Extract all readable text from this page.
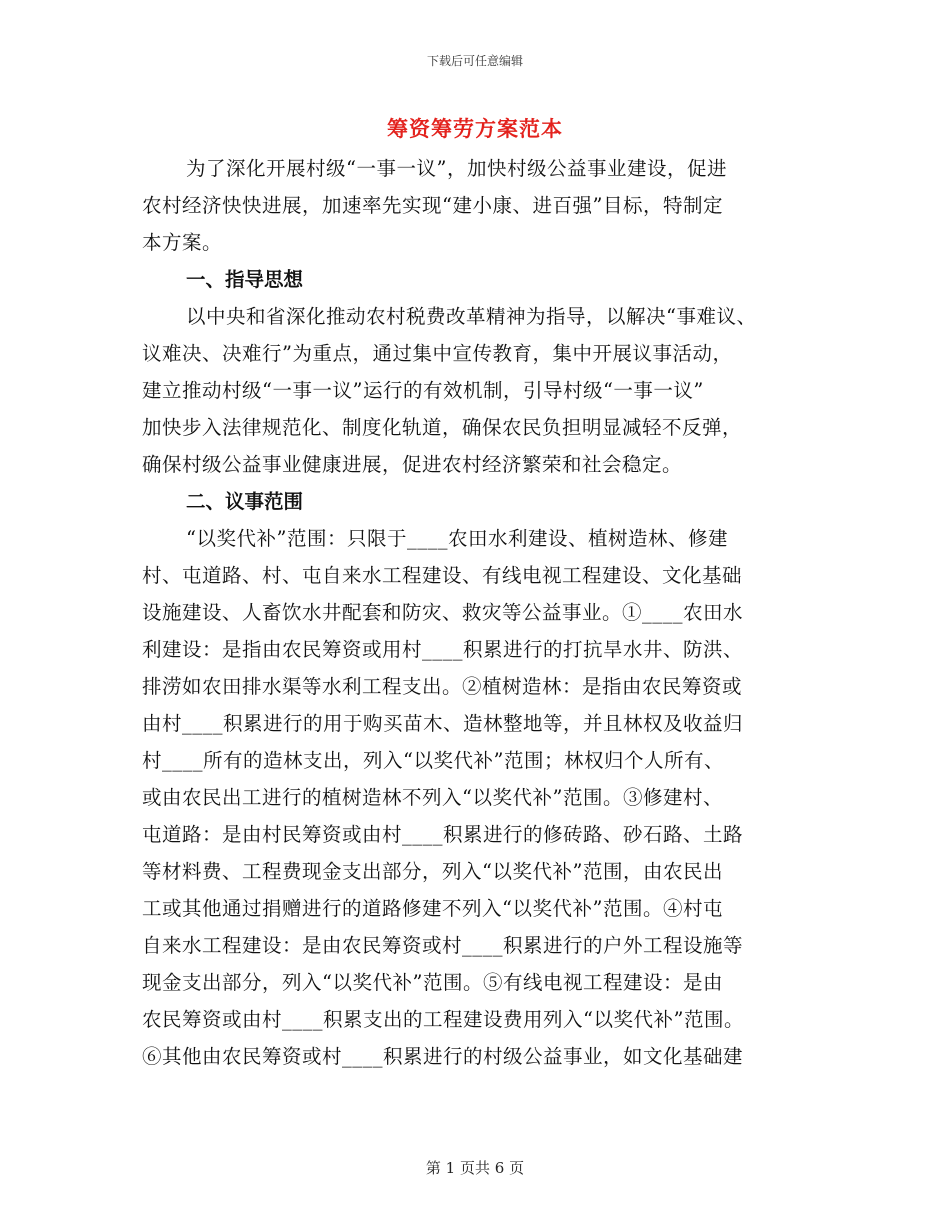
下载后可任意编辑
筹资筹劳方案范本
为了深化开展村级“一事一议”，加快村级公益事业建设，促进
农村经济快快进展，加速率先实现“建小康、进百强”目标，特制定
本方案。
一、指导思想
以中央和省深化推动农村税费改革精神为指导，以解决“事难议、
议难决、决难行”为重点，通过集中宣传教育，集中开展议事活动，
建立推动村级“一事一议”运行的有效机制，引导村级“一事一议”
加快步入法律规范化、制度化轨道，确保农民负担明显减轻不反弹，
确保村级公益事业健康进展，促进农村经济繁荣和社会稳定。
二、议事范围
“以奖代补”范围：只限于____农田水利建设、植树造林、修建
村、屯道路、村、屯自来水工程建设、有线电视工程建设、文化基础
设施建设、人畜饮水井配套和防灾、救灾等公益事业。①____农田水
利建设：是指由农民筹资或用村____积累进行的打抗旱水井、防洪、
排涝如农田排水渠等水利工程支出。②植树造林：是指由农民筹资或
由村____积累进行的用于购买苗木、造林整地等，并且林权及收益归
村____所有的造林支出，列入“以奖代补”范围；林权归个人所有、
或由农民出工进行的植树造林不列入“以奖代补”范围。③修建村、
屯道路：是由村民筹资或由村____积累进行的修砖路、砂石路、土路
等材料费、工程费现金支出部分，列入“以奖代补”范围，由农民出
工或其他通过捐赠进行的道路修建不列入“以奖代补”范围。④村屯
自来水工程建设：是由农民筹资或村____积累进行的户外工程设施等
现金支出部分，列入“以奖代补”范围。⑤有线电视工程建设：是由
农民筹资或由村____积累支出的工程建设费用列入“以奖代补”范围。
⑥其他由农民筹资或村____积累进行的村级公益事业，如文化基础建
第 1 页共 6 页
